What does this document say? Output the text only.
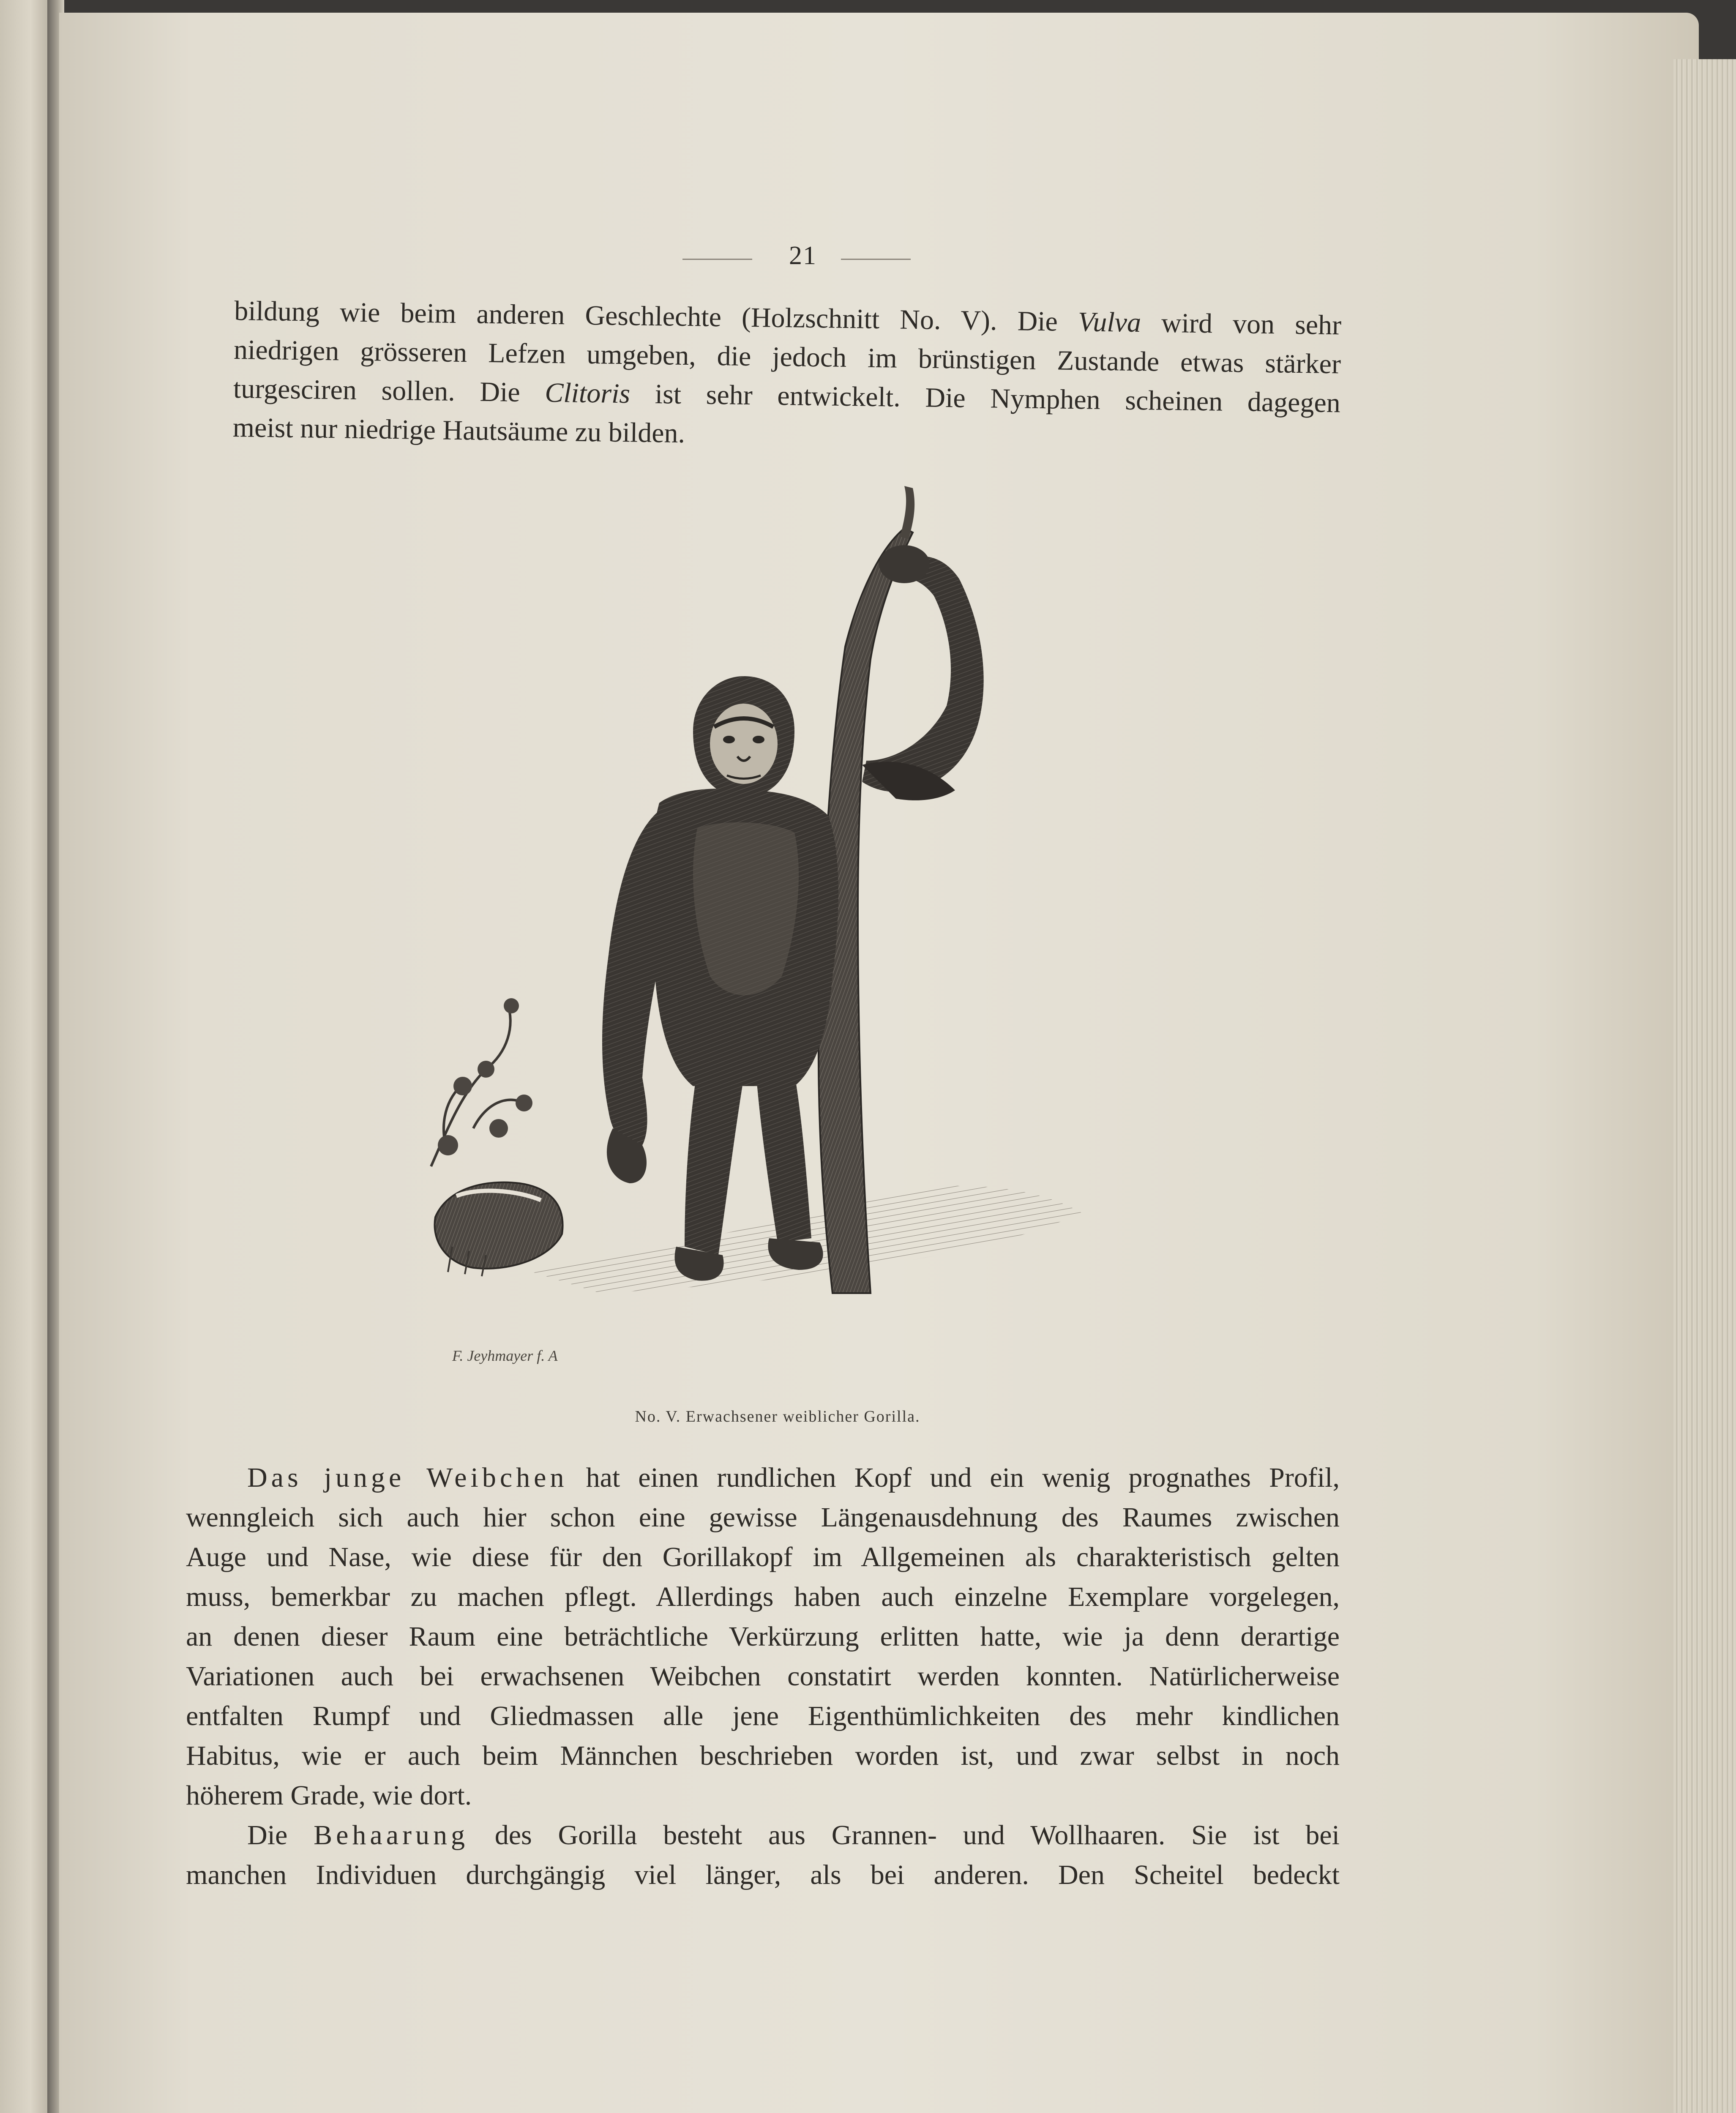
21
bildung wie beim anderen Geschlechte (Holzschnitt No. V). Die Vulva wird von sehr
niedrigen grösseren Lefzen umgeben, die jedoch im brünstigen Zustande etwas stärker
turgesciren sollen. Die Clitoris ist sehr entwickelt. Die Nymphen scheinen dagegen
meist nur niedrige Hautsäume zu bilden.
F. Jeyhmayer f. A
No. V. Erwachsener weiblicher Gorilla.
Das junge Weibchen hat einen rundlichen Kopf und ein wenig prognathes Profil,
wenngleich sich auch hier schon eine gewisse Längenausdehnung des Raumes zwischen
Auge und Nase, wie diese für den Gorillakopf im Allgemeinen als charakteristisch gelten
muss, bemerkbar zu machen pflegt. Allerdings haben auch einzelne Exemplare vorgelegen,
an denen dieser Raum eine beträchtliche Verkürzung erlitten hatte, wie ja denn derartige
Variationen auch bei erwachsenen Weibchen constatirt werden konnten. Natürlicherweise
entfalten Rumpf und Gliedmassen alle jene Eigenthümlichkeiten des mehr kindlichen
Habitus, wie er auch beim Männchen beschrieben worden ist, und zwar selbst in noch
höherem Grade, wie dort.
Die Behaarung des Gorilla besteht aus Grannen- und Wollhaaren. Sie ist bei
manchen Individuen durchgängig viel länger, als bei anderen. Den Scheitel bedeckt
